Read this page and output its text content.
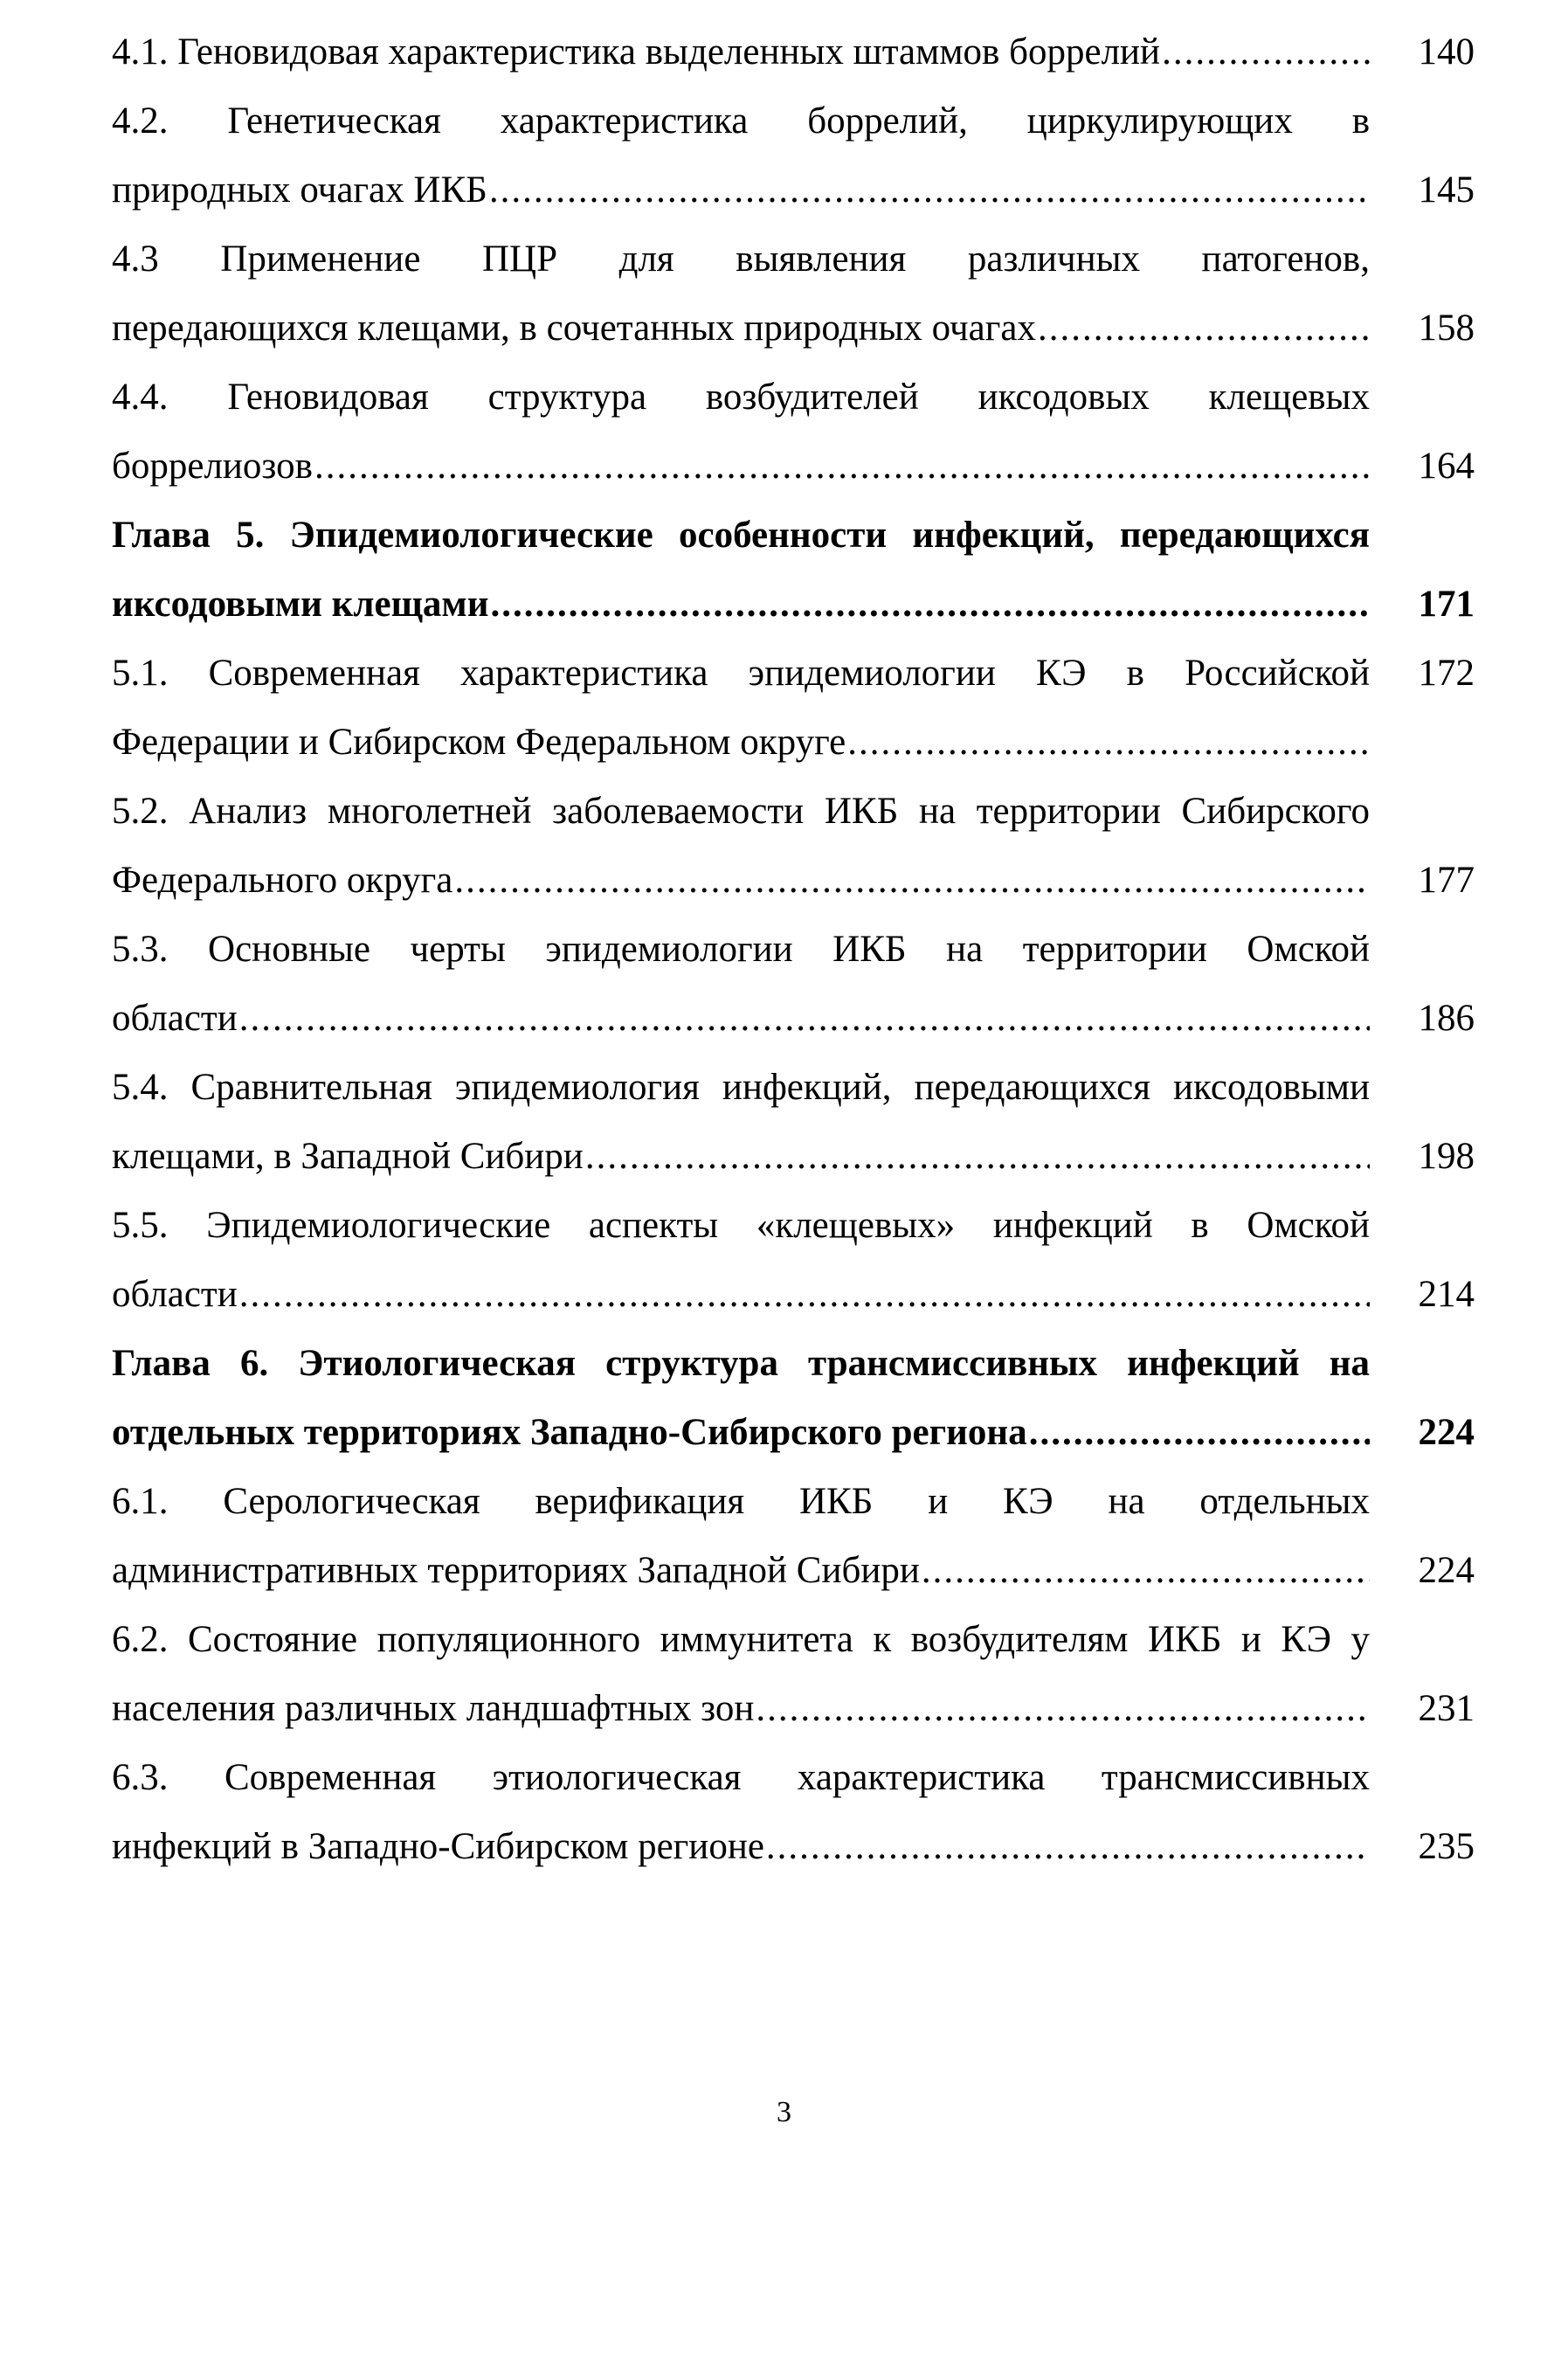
4.1. Геновидовая характеристика выделенных штаммов боррелий .....	140
4.2. Генетическая характеристика боррелий, циркулирующих в
природных очагах ИКБ .....	145
4.3 Применение ПЦР для выявления различных патогенов,
передающихся клещами, в сочетанных природных очагах .....	158
4.4. Геновидовая структура возбудителей иксодовых клещевых
боррелиозов .....	164
Глава 5. Эпидемиологические особенности инфекций, передающихся
иксодовыми клещами .....	171
5.1. Современная характеристика эпидемиологии КЭ в Российской	172
Федерации и Сибирском Федеральном округе
.....
5.2. Анализ многолетней заболеваемости ИКБ на территории Сибирского
Федерального округа .....	177
5.3. Основные черты эпидемиологии ИКБ на территории Омской
области .....	186
5.4. Сравнительная эпидемиология инфекций, передающихся иксодовыми
клещами, в Западной Сибири .....	198
5.5. Эпидемиологические аспекты «клещевых» инфекций в Омской
области .....	214
Глава 6. Этиологическая структура трансмиссивных инфекций на
отдельных территориях Западно-Сибирского региона .....	224
6.1. Серологическая верификация ИКБ и КЭ на отдельных
административных территориях Западной Сибири .....	224
6.2. Состояние популяционного иммунитета к возбудителям ИКБ и КЭ у
населения различных ландшафтных зон .....	231
6.3. Современная этиологическая характеристика трансмиссивных
инфекций в Западно-Сибирском регионе .....	235
3
